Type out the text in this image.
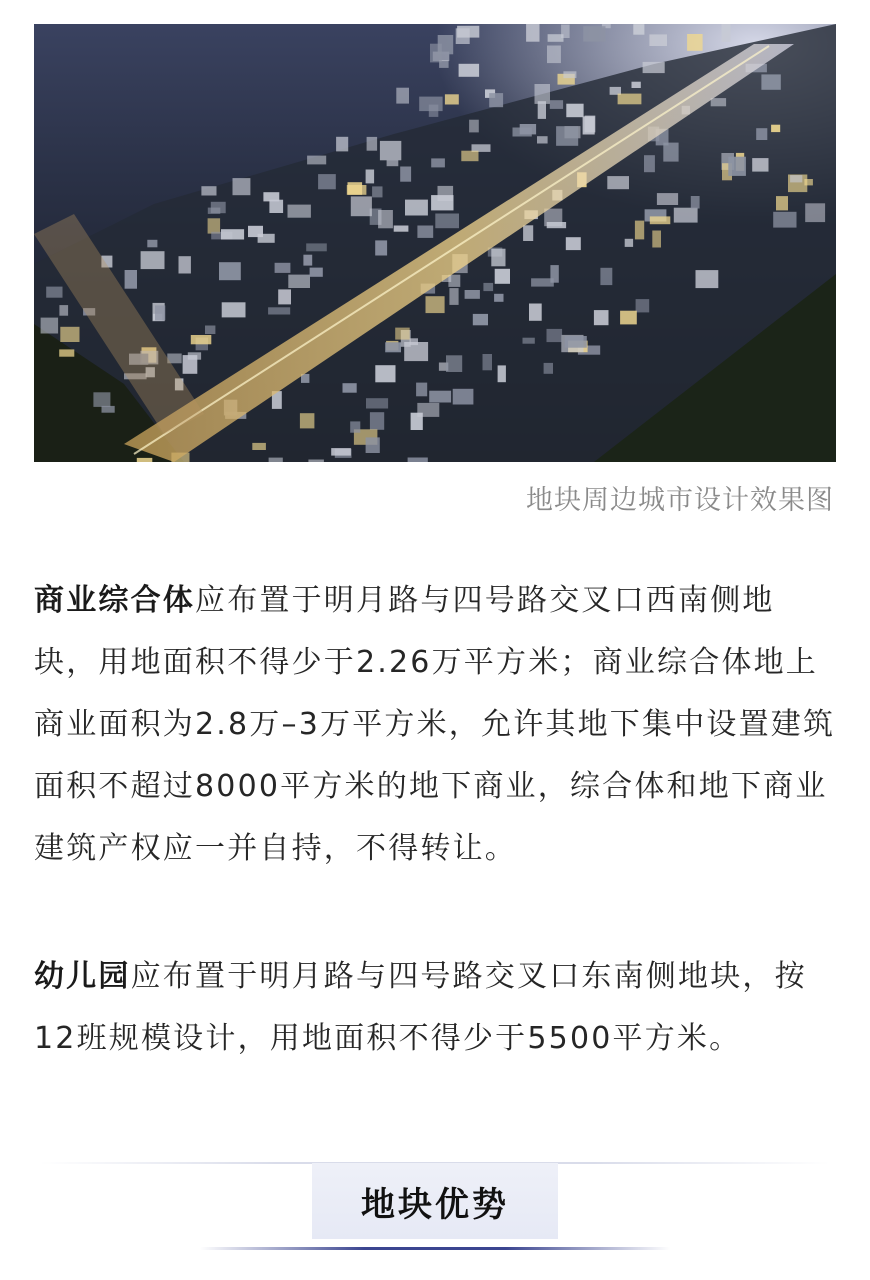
地块周边城市设计效果图

商业综合体应布置于明月路与四号路交叉口西南侧地块，用地面积不得少于2.26万平方米；商业综合体地上商业面积为2.8万–3万平方米，允许其地下集中设置建筑面积不超过8000平方米的地下商业，综合体和地下商业建筑产权应一并自持，不得转让。

幼儿园应布置于明月路与四号路交叉口东南侧地块，按12班规模设计，用地面积不得少于5500平方米。

地块优势
